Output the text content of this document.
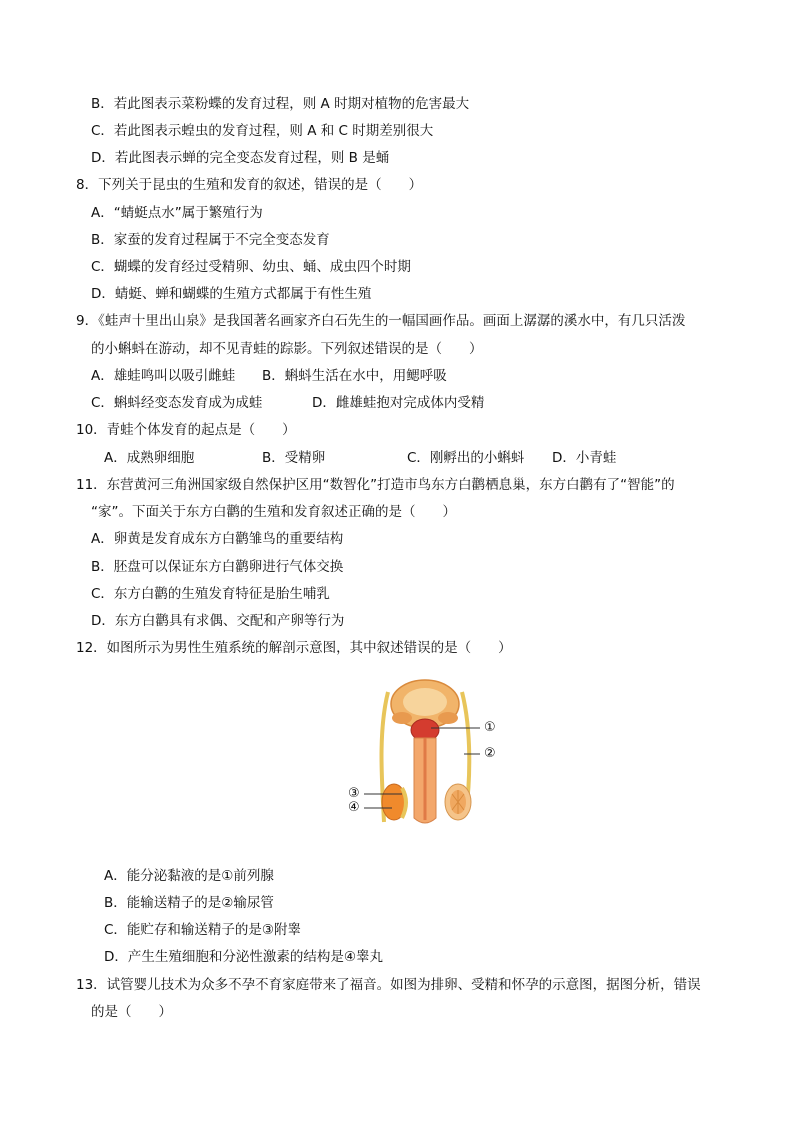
B．若此图表示菜粉蝶的发育过程，则 A 时期对植物的危害最大
C．若此图表示蝗虫的发育过程，则 A 和 C 时期差别很大
D．若此图表示蝉的完全变态发育过程，则 B 是蛹
8．下列关于昆虫的生殖和发育的叙述，错误的是（　　）
A．“蜻蜓点水”属于繁殖行为
B．家蚕的发育过程属于不完全变态发育
C．蝴蝶的发育经过受精卵、幼虫、蛹、成虫四个时期
D．蜻蜓、蝉和蝴蝶的生殖方式都属于有性生殖
9．《蛙声十里出山泉》是我国著名画家齐白石先生的一幅国画作品。画面上潺潺的溪水中，有几只活泼
的小蝌蚪在游动，却不见青蛙的踪影。下列叙述错误的是（　　）
A．雄蛙鸣叫以吸引雌蛙 B．蝌蚪生活在水中，用鳃呼吸
C．蝌蚪经变态发育成为成蛙	D．雌雄蛙抱对完成体内受精
10．青蛙个体发育的起点是（　　）
A．成熟卵细胞	B．受精卵	C．刚孵出的小蝌蚪 D．小青蛙
11．东营黄河三角洲国家级自然保护区用“数智化”打造市鸟东方白鹳栖息巢，东方白鹳有了“智能”的
“家”。下面关于东方白鹳的生殖和发育叙述正确的是（　　）
A．卵黄是发育成东方白鹳雏鸟的重要结构
B．胚盘可以保证东方白鹳卵进行气体交换
C．东方白鹳的生殖发育特征是胎生哺乳
D．东方白鹳具有求偶、交配和产卵等行为
12．如图所示为男性生殖系统的解剖示意图，其中叙述错误的是（　　）
①
②
③
④
A．能分泌黏液的是①前列腺
B．能输送精子的是②输尿管
C．能贮存和输送精子的是③附睾
D．产生生殖细胞和分泌性激素的结构是④睾丸
13．试管婴儿技术为众多不孕不育家庭带来了福音。如图为排卵、受精和怀孕的示意图，据图分析，错误
的是（　　）
